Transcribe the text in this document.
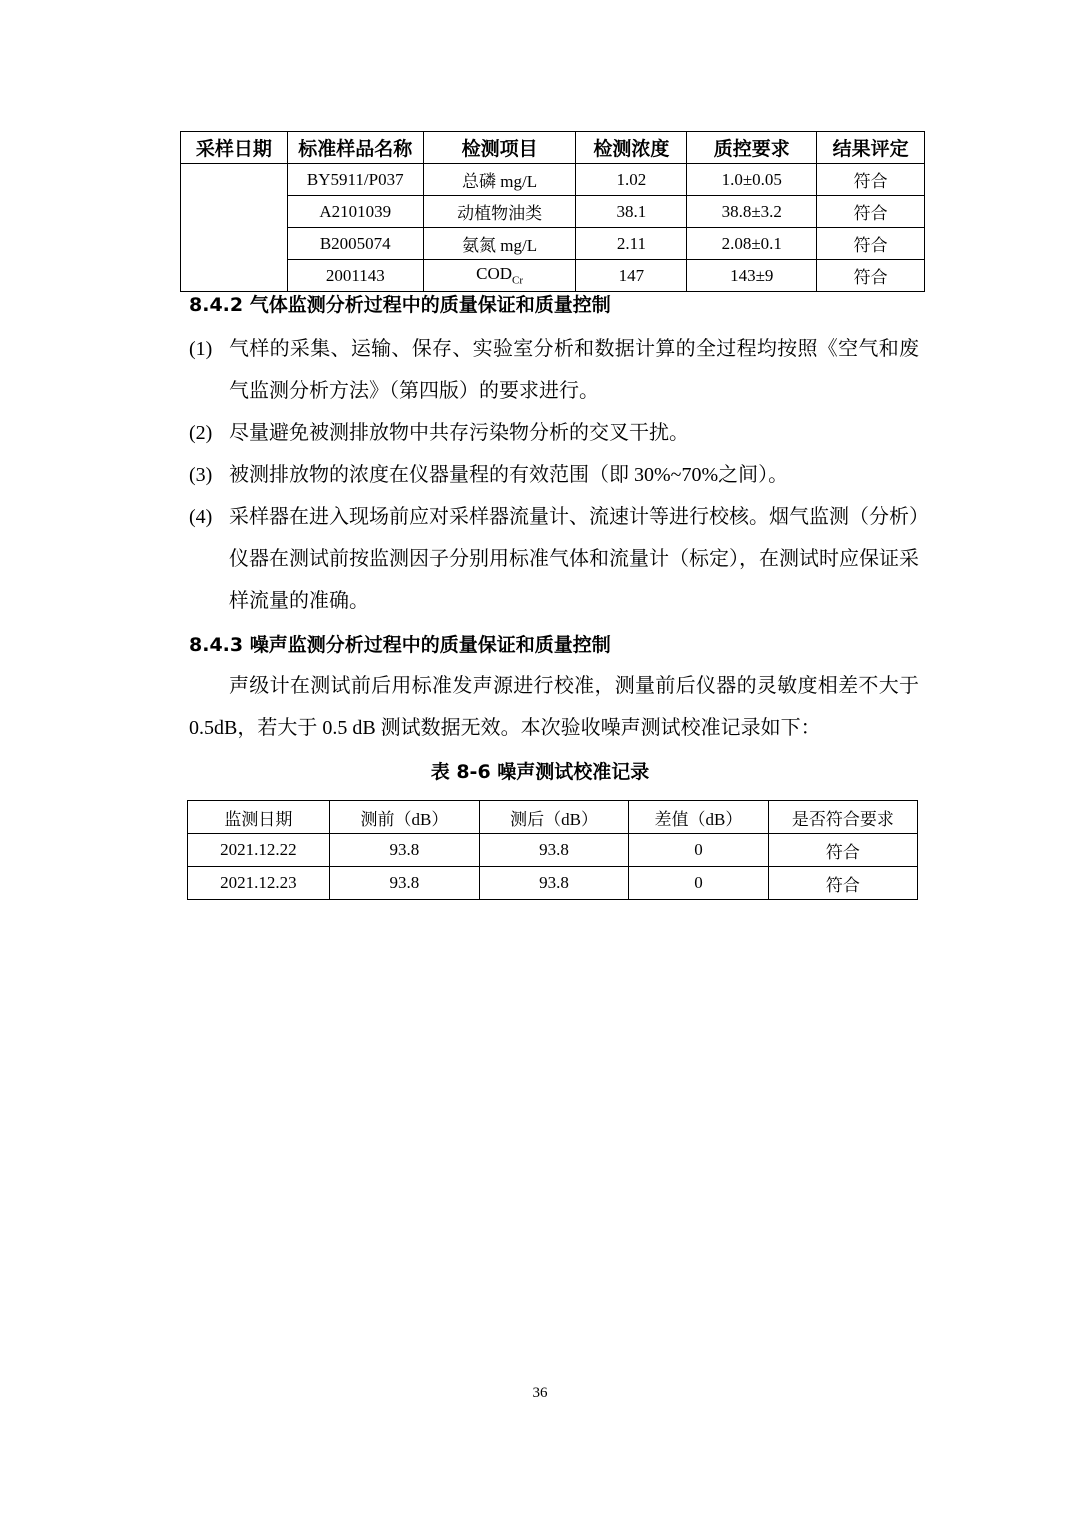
采样日期	标准样品名称	检测项目	检测浓度	质控要求	结果评定
	BY5911/P037	总磷 mg/L	1.02	1.0±0.05	符合
	A2101039	动植物油类	38.1	38.8±3.2	符合
	B2005074	氨氮 mg/L	2.11	2.08±0.1	符合
	2001143	$COD_{Cr}$	147	143±9	符合
8.4.2 气体监测分析过程中的质量保证和质量控制
(1) 气样的采集、运输、保存、实验室分析和数据计算的全过程均按照《空气和废气监测分析方法》（第四版）的要求进行。
(2) 尽量避免被测排放物中共存污染物分析的交叉干扰。
(3) 被测排放物的浓度在仪器量程的有效范围（即 30%~70%之间）。
(4) 采样器在进入现场前应对采样器流量计、流速计等进行校核。烟气监测（分析）仪器在测试前按监测因子分别用标准气体和流量计（标定），在测试时应保证采样流量的准确。
8.4.3 噪声监测分析过程中的质量保证和质量控制
声级计在测试前后用标准发声源进行校准，测量前后仪器的灵敏度相差不大于 0.5dB，若大于 0.5 dB 测试数据无效。本次验收噪声测试校准记录如下：
表 8-6 噪声测试校准记录
监测日期	测前（dB）	测后（dB）	差值（dB）	是否符合要求
2021.12.22	93.8	93.8	0	符合
2021.12.23	93.8	93.8	0	符合
36
